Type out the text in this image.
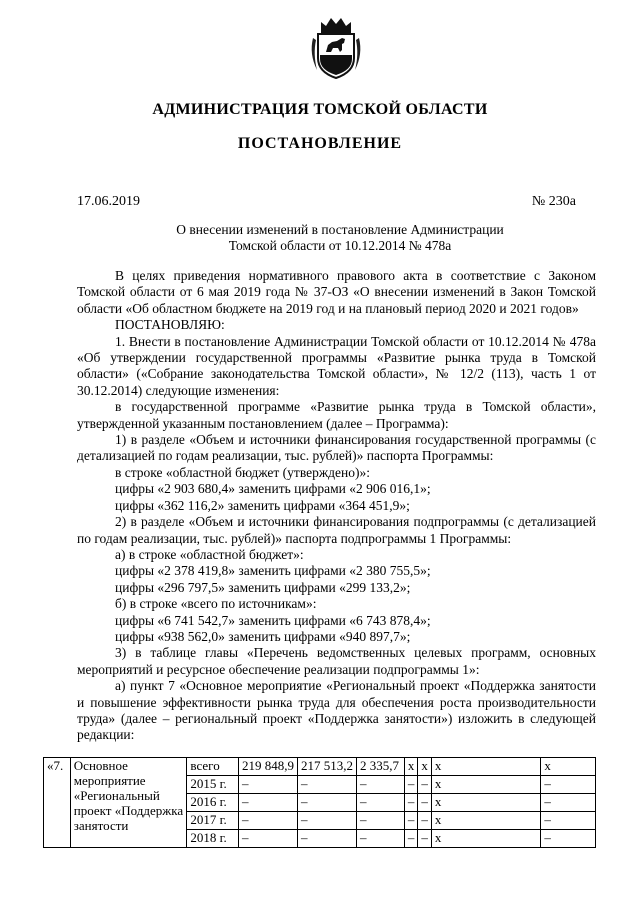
АДМИНИСТРАЦИЯ ТОМСКОЙ ОБЛАСТИ
ПОСТАНОВЛЕНИЕ
17.06.2019	№ 230а
О внесении изменений в постановление Администрации
Томской области от 10.12.2014 № 478а

В целях приведения нормативного правового акта в соответствие с Законом Томской области от 6 мая 2019 года № 37-ОЗ «О внесении изменений в Закон Томской области «Об областном бюджете на 2019 год и на плановый период 2020 и 2021 годов»

ПОСТАНОВЛЯЮ:

1. Внести в постановление Администрации Томской области от 10.12.2014 № 478а «Об утверждении государственной программы «Развитие рынка труда в Томской области» («Собрание законодательства Томской области», № 12/2 (113), часть 1 от 30.12.2014) следующие изменения:

в государственной программе «Развитие рынка труда в Томской области», утвержденной указанным постановлением (далее – Программа):

1) в разделе «Объем и источники финансирования государственной программы (с детализацией по годам реализации, тыс. рублей)» паспорта Программы:

в строке «областной бюджет (утверждено)»:

цифры «2 903 680,4» заменить цифрами «2 906 016,1»;

цифры «362 116,2» заменить цифрами «364 451,9»;

2) в разделе «Объем и источники финансирования подпрограммы (с детализацией по годам реализации, тыс. рублей)» паспорта подпрограммы 1 Программы:

а) в строке «областной бюджет»:

цифры «2 378 419,8» заменить цифрами «2 380 755,5»;

цифры «296 797,5» заменить цифрами «299 133,2»;

б) в строке «всего по источникам»:

цифры «6 741 542,7» заменить цифрами «6 743 878,4»;

цифры «938 562,0» заменить цифрами «940 897,7»;

3) в таблице главы «Перечень ведомственных целевых программ, основных мероприятий и ресурсное обеспечение реализации подпрограммы 1»:

а) пункт 7 «Основное мероприятие «Региональный проект «Поддержка занятости и повышение эффективности рынка труда для обеспечения роста производительности труда» (далее – региональный проект «Поддержка занятости») изложить в следующей редакции:

«7.	Основное мероприятие «Региональный проект «Поддержка занятости	всего	219 848,9	217 513,2	2 335,7	х	х	х	х
		2015 г.	–	–	–	–	–	х	–
		2016 г.	–	–	–	–	–	х	–
		2017 г.	–	–	–	–	–	х	–
		2018 г.	–	–	–	–	–	х	–
